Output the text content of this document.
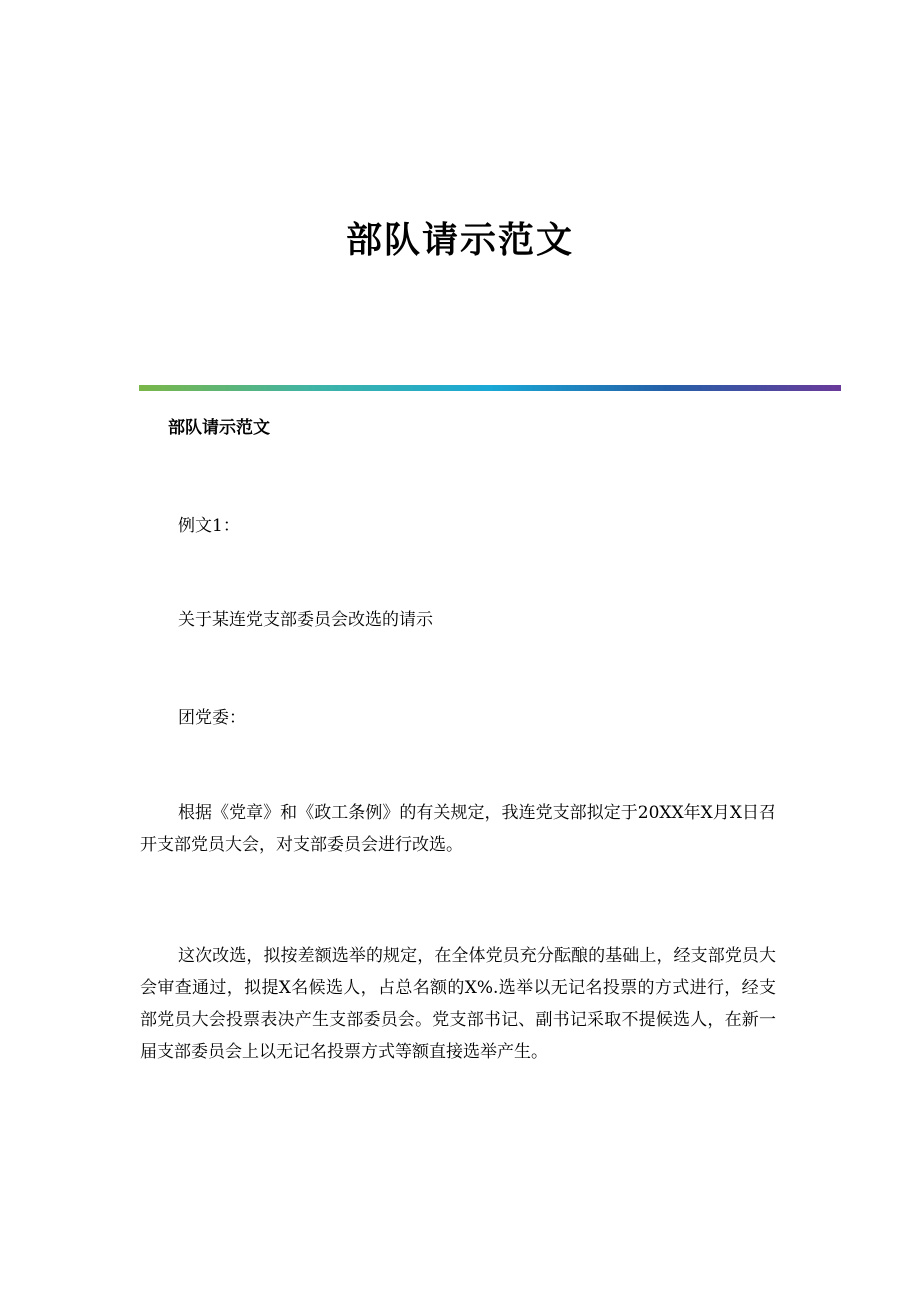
部队请示范文
部队请示范文

例文1：

关于某连党支部委员会改选的请示

团党委：

根据《党章》和《政工条例》的有关规定，我连党支部拟定于20XX年X月X日召开支部党员大会，对支部委员会进行改选。

这次改选，拟按差额选举的规定，在全体党员充分酝酿的基础上，经支部党员大会审查通过，拟提X名候选人，占总名额的X%.选举以无记名投票的方式进行，经支部党员大会投票表决产生支部委员会。党支部书记、副书记采取不提候选人，在新一届支部委员会上以无记名投票方式等额直接选举产生。
